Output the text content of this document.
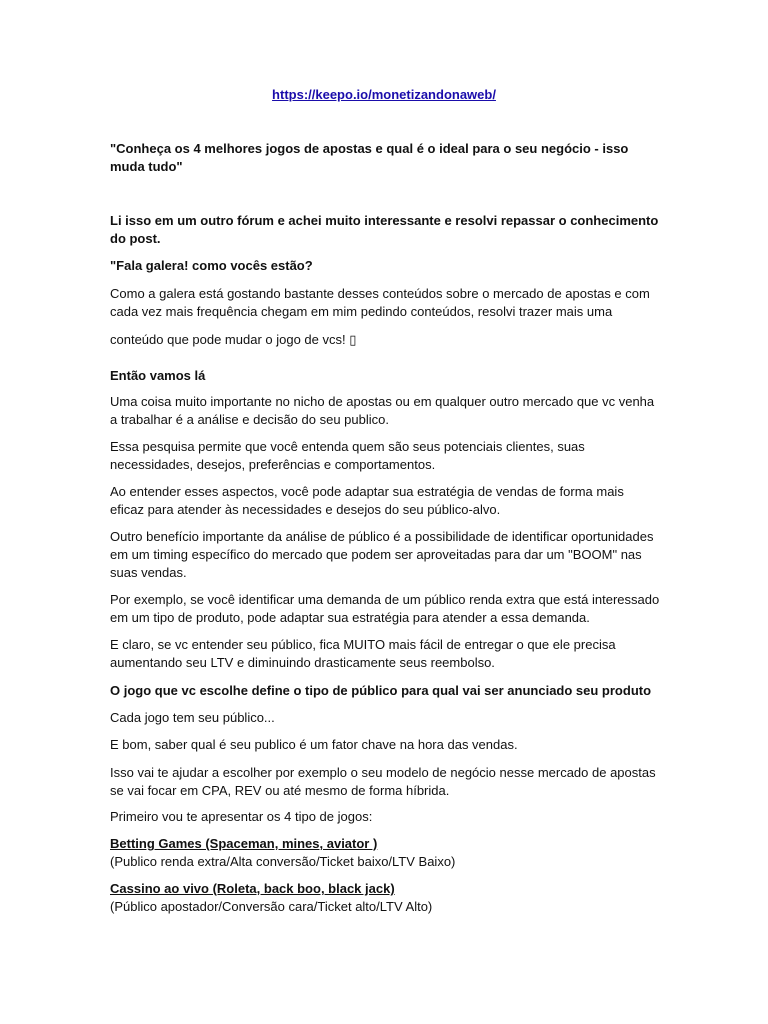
https://keepo.io/monetizandonaweb/

"Conheça os 4 melhores jogos de apostas e qual é o ideal para o seu negócio - isso muda tudo"

Li isso em um outro fórum e achei muito interessante e resolvi repassar o conhecimento do post.

"Fala galera! como vocês estão?

Como a galera está gostando bastante desses conteúdos sobre o mercado de apostas e com cada vez mais frequência chegam em mim pedindo conteúdos, resolvi trazer mais uma

conteúdo que pode mudar o jogo de vcs! ▯

Então vamos lá

Uma coisa muito importante no nicho de apostas ou em qualquer outro mercado que vc venha a trabalhar é a análise e decisão do seu publico.

Essa pesquisa permite que você entenda quem são seus potenciais clientes, suas necessidades, desejos, preferências e comportamentos.

Ao entender esses aspectos, você pode adaptar sua estratégia de vendas de forma mais eficaz para atender às necessidades e desejos do seu público-alvo.

Outro benefício importante da análise de público é a possibilidade de identificar oportunidades em um timing específico do mercado que podem ser aproveitadas para dar um "BOOM" nas suas vendas.

Por exemplo, se você identificar uma demanda de um público renda extra que está interessado em um tipo de produto, pode adaptar sua estratégia para atender a essa demanda.

E claro, se vc entender seu público, fica MUITO mais fácil de entregar o que ele precisa aumentando seu LTV e diminuindo drasticamente seus reembolso.

O jogo que vc escolhe define o tipo de público para qual vai ser anunciado seu produto

Cada jogo tem seu público...

E bom, saber qual é seu publico é um fator chave na hora das vendas.

Isso vai te ajudar a escolher por exemplo o seu modelo de negócio nesse mercado de apostas se vai focar em CPA, REV ou até mesmo de forma híbrida.

Primeiro vou te apresentar os 4 tipo de jogos:

Betting Games (Spaceman, mines, aviator )

(Publico renda extra/Alta conversão/Ticket baixo/LTV Baixo)

Cassino ao vivo (Roleta, back boo, black jack)

(Público apostador/Conversão cara/Ticket alto/LTV Alto)
